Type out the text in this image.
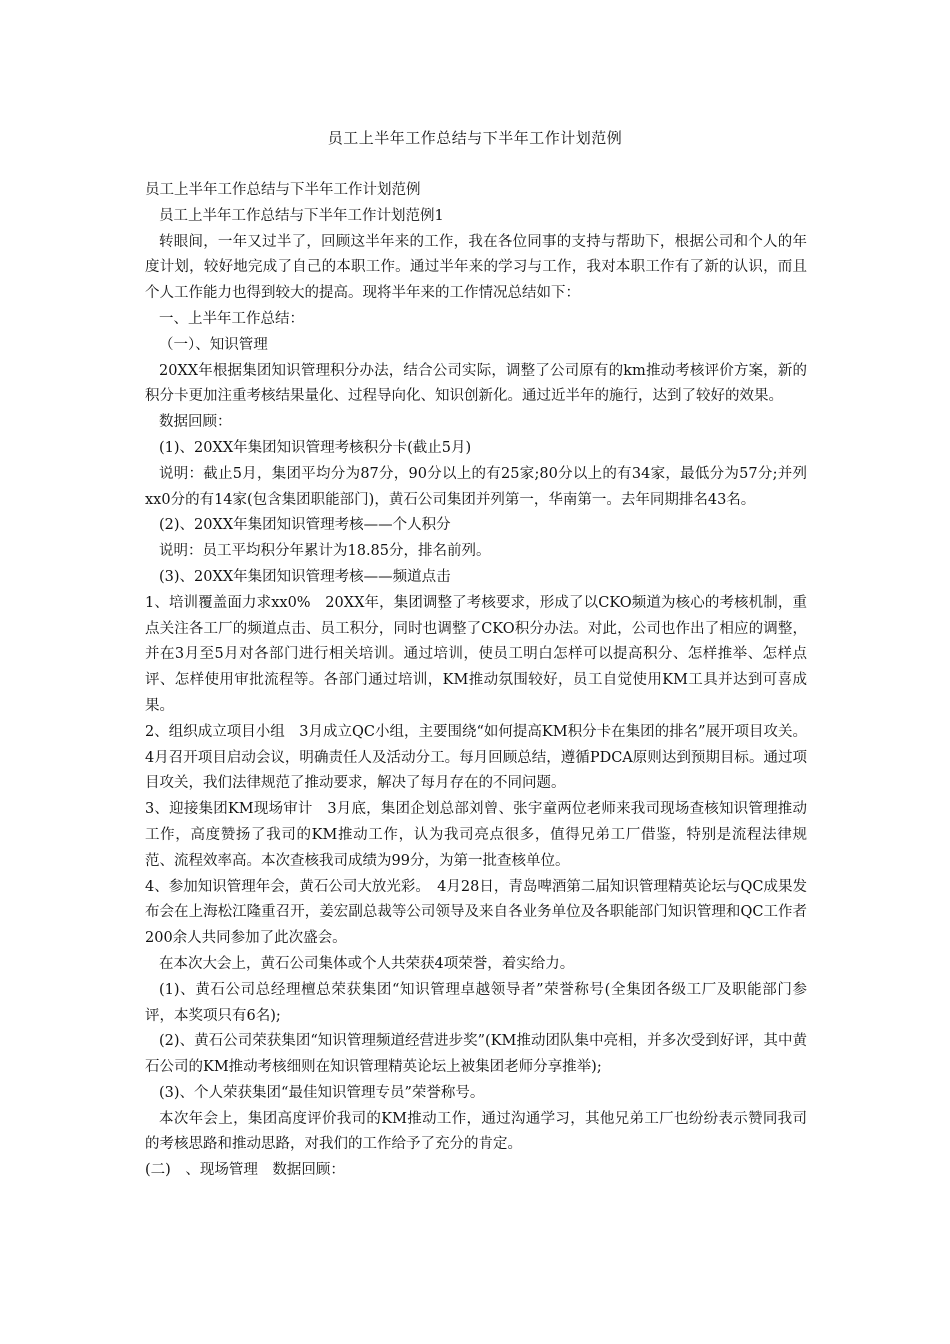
员工上半年工作总结与下半年工作计划范例

员工上半年工作总结与下半年工作计划范例

员工上半年工作总结与下半年工作计划范例1

转眼间，一年又过半了，回顾这半年来的工作，我在各位同事的支持与帮助下，根据公司和个人的年度计划，较好地完成了自己的本职工作。通过半年来的学习与工作，我对本职工作有了新的认识，而且个人工作能力也得到较大的提高。现将半年来的工作情况总结如下：

一、上半年工作总结：

（一）、知识管理

20XX年根据集团知识管理积分办法，结合公司实际，调整了公司原有的km推动考核评价方案，新的积分卡更加注重考核结果量化、过程导向化、知识创新化。通过近半年的施行，达到了较好的效果。

数据回顾：

(1)、20XX年集团知识管理考核积分卡(截止5月)

说明：截止5月，集团平均分为87分，90分以上的有25家;80分以上的有34家，最低分为57分;并列xx0分的有14家(包含集团职能部门)，黄石公司集团并列第一，华南第一。去年同期排名43名。

(2)、20XX年集团知识管理考核——个人积分

说明：员工平均积分年累计为18.85分，排名前列。

(3)、20XX年集团知识管理考核——频道点击

1、培训覆盖面力求xx0%　20XX年，集团调整了考核要求，形成了以CKO频道为核心的考核机制，重点关注各工厂的频道点击、员工积分，同时也调整了CKO积分办法。对此，公司也作出了相应的调整，并在3月至5月对各部门进行相关培训。通过培训，使员工明白怎样可以提高积分、怎样推举、怎样点评、怎样使用审批流程等。各部门通过培训，KM推动氛围较好，员工自觉使用KM工具并达到可喜成果。

2、组织成立项目小组　3月成立QC小组，主要围绕“如何提高KM积分卡在集团的排名”展开项目攻关。4月召开项目启动会议，明确责任人及活动分工。每月回顾总结，遵循PDCA原则达到预期目标。通过项目攻关，我们法律规范了推动要求，解决了每月存在的不同问题。

3、迎接集团KM现场审计　3月底，集团企划总部刘曾、张宇童两位老师来我司现场查核知识管理推动工作，高度赞扬了我司的KM推动工作，认为我司亮点很多，值得兄弟工厂借鉴，特别是流程法律规范、流程效率高。本次查核我司成绩为99分，为第一批查核单位。

4、参加知识管理年会，黄石公司大放光彩。　4月28日，青岛啤酒第二届知识管理精英论坛与QC成果发布会在上海松江隆重召开，姜宏副总裁等公司领导及来自各业务单位及各职能部门知识管理和QC工作者200余人共同参加了此次盛会。

在本次大会上，黄石公司集体或个人共荣获4项荣誉，着实给力。

(1)、黄石公司总经理檀总荣获集团“知识管理卓越领导者”荣誉称号(全集团各级工厂及职能部门参评，本奖项只有6名);

(2)、黄石公司荣获集团“知识管理频道经营进步奖”(KM推动团队集中亮相，并多次受到好评，其中黄石公司的KM推动考核细则在知识管理精英论坛上被集团老师分享推举);

(3)、个人荣获集团“最佳知识管理专员”荣誉称号。

本次年会上，集团高度评价我司的KM推动工作，通过沟通学习，其他兄弟工厂也纷纷表示赞同我司的考核思路和推动思路，对我们的工作给予了充分的肯定。

(二)　、现场管理　数据回顾：
